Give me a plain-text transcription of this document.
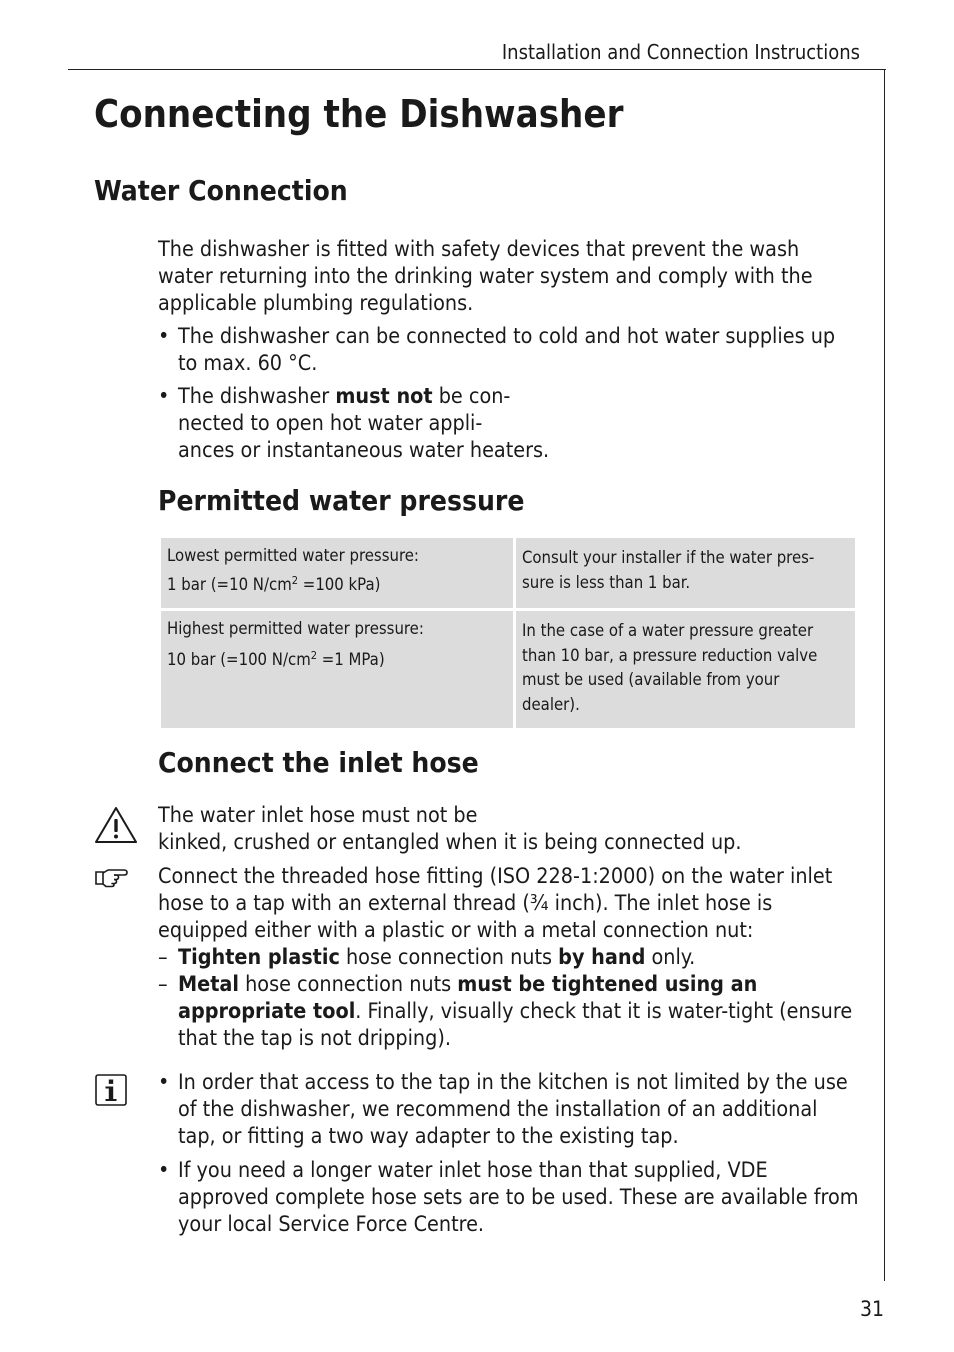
Installation and Connection Instructions
Connecting the Dishwasher
Water Connection

The dishwasher is fitted with safety devices that prevent the wash
water returning into the drinking water system and comply with the
applicable plumbing regulations.

• The dishwasher can be connected to cold and hot water supplies up
to max. 60 °C.
• The dishwasher must not be con-
nected to open hot water appli-
ances or instantaneous water heaters.
Permitted water pressure
Lowest permitted water pressure:
1 bar (=10 $N/cm^2 =100$ kPa)	Consult your installer if the water pres-
sure is less than 1 bar.

Highest permitted water pressure:
10 bar (=100 $N/cm^2 =1$ MPa)	In the case of a water pressure greater
than 10 bar, a pressure reduction valve
must be used (available from your
dealer).
Connect the inlet hose

The water inlet hose must not be
kinked, crushed or entangled when it is being connected up.

Connect the threaded hose fitting (ISO 228-1:2000) on the water inlet
hose to a tap with an external thread (¾ inch). The inlet hose is
equipped either with a plastic or with a metal connection nut:
– Tighten plastic hose connection nuts by hand only.
– Metal hose connection nuts must be tightened using an
appropriate tool. Finally, visually check that it is water-tight (ensure
that the tap is not dripping).
• In order that access to the tap in the kitchen is not limited by the use
of the dishwasher, we recommend the installation of an additional
tap, or fitting a two way adapter to the existing tap.
• If you need a longer water inlet hose than that supplied, VDE
approved complete hose sets are to be used. These are available from
your local Service Force Centre.
31
